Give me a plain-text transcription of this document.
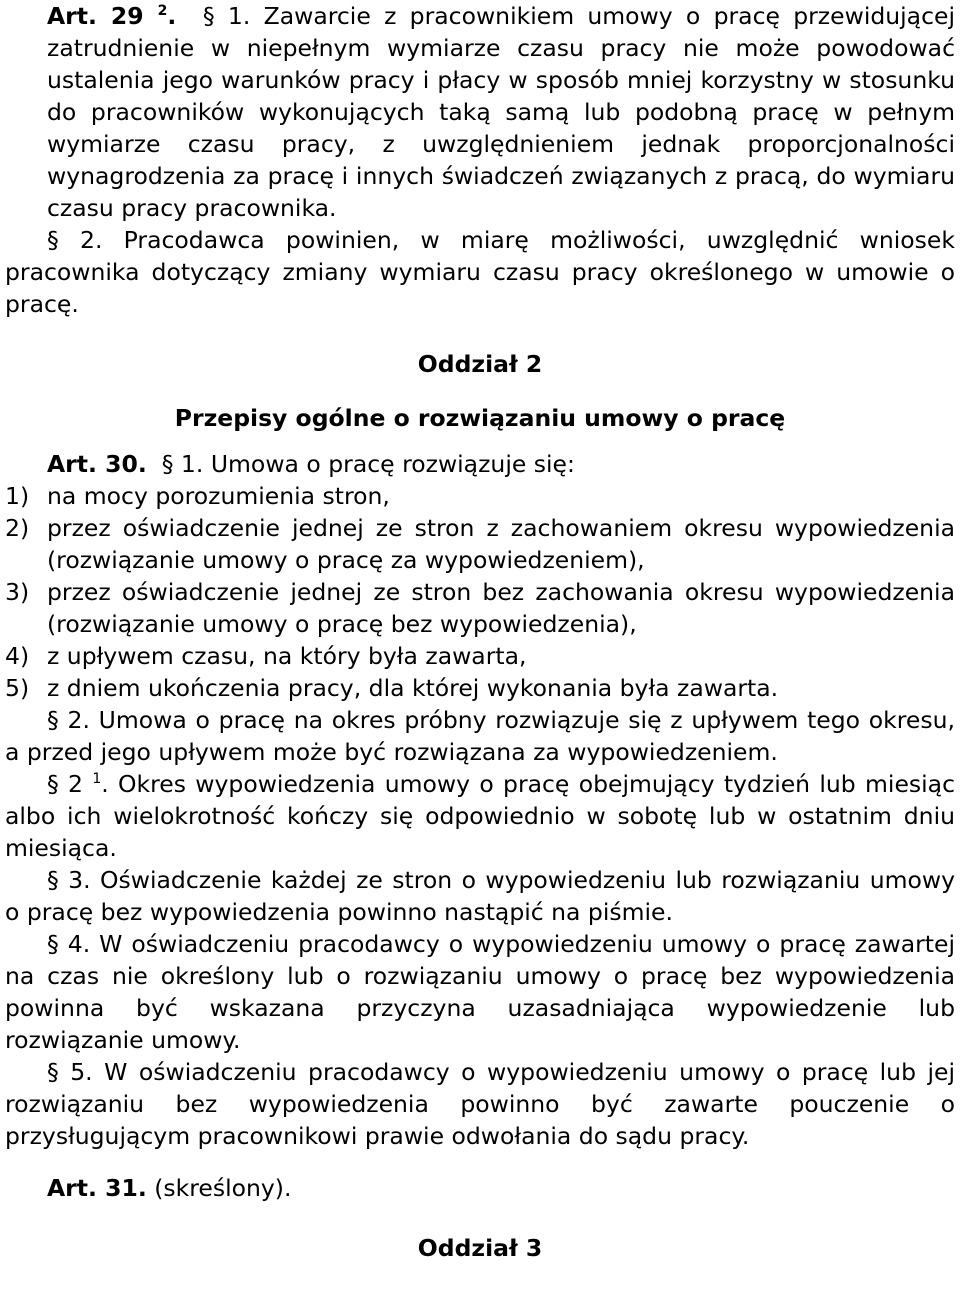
Art. 29 $^2$. § 1. Zawarcie z pracownikiem umowy o pracę przewidującej zatrudnienie w niepełnym wymiarze czasu pracy nie może powodować ustalenia jego warunków pracy i płacy w sposób mniej korzystny w stosunku do pracowników wykonujących taką samą lub podobną pracę w pełnym wymiarze czasu pracy, z uwzględnieniem jednak proporcjonalności wynagrodzenia za pracę i innych świadczeń związanych z pracą, do wymiaru czasu pracy pracownika.

§ 2. Pracodawca powinien, w miarę możliwości, uwzględnić wniosek pracownika dotyczący zmiany wymiaru czasu pracy określonego w umowie o pracę.

Oddział 2

Przepisy ogólne o rozwiązaniu umowy o pracę

Art. 30. § 1. Umowa o pracę rozwiązuje się:

1) na mocy porozumienia stron,
2) przez oświadczenie jednej ze stron z zachowaniem okresu wypowiedzenia (rozwiązanie umowy o pracę za wypowiedzeniem),
3) przez oświadczenie jednej ze stron bez zachowania okresu wypowiedzenia (rozwiązanie umowy o pracę bez wypowiedzenia),
4) z upływem czasu, na który była zawarta,
5) z dniem ukończenia pracy, dla której wykonania była zawarta.

§ 2. Umowa o pracę na okres próbny rozwiązuje się z upływem tego okresu, a przed jego upływem może być rozwiązana za wypowiedzeniem.

§ 2 $^1$. Okres wypowiedzenia umowy o pracę obejmujący tydzień lub miesiąc albo ich wielokrotność kończy się odpowiednio w sobotę lub w ostatnim dniu miesiąca.

§ 3. Oświadczenie każdej ze stron o wypowiedzeniu lub rozwiązaniu umowy o pracę bez wypowiedzenia powinno nastąpić na piśmie.

§ 4. W oświadczeniu pracodawcy o wypowiedzeniu umowy o pracę zawartej na czas nie określony lub o rozwiązaniu umowy o pracę bez wypowiedzenia powinna być wskazana przyczyna uzasadniająca wypowiedzenie lub rozwiązanie umowy.

§ 5. W oświadczeniu pracodawcy o wypowiedzeniu umowy o pracę lub jej rozwiązaniu bez wypowiedzenia powinno być zawarte pouczenie o przysługującym pracownikowi prawie odwołania do sądu pracy.

Art. 31. (skreślony).

Oddział 3
